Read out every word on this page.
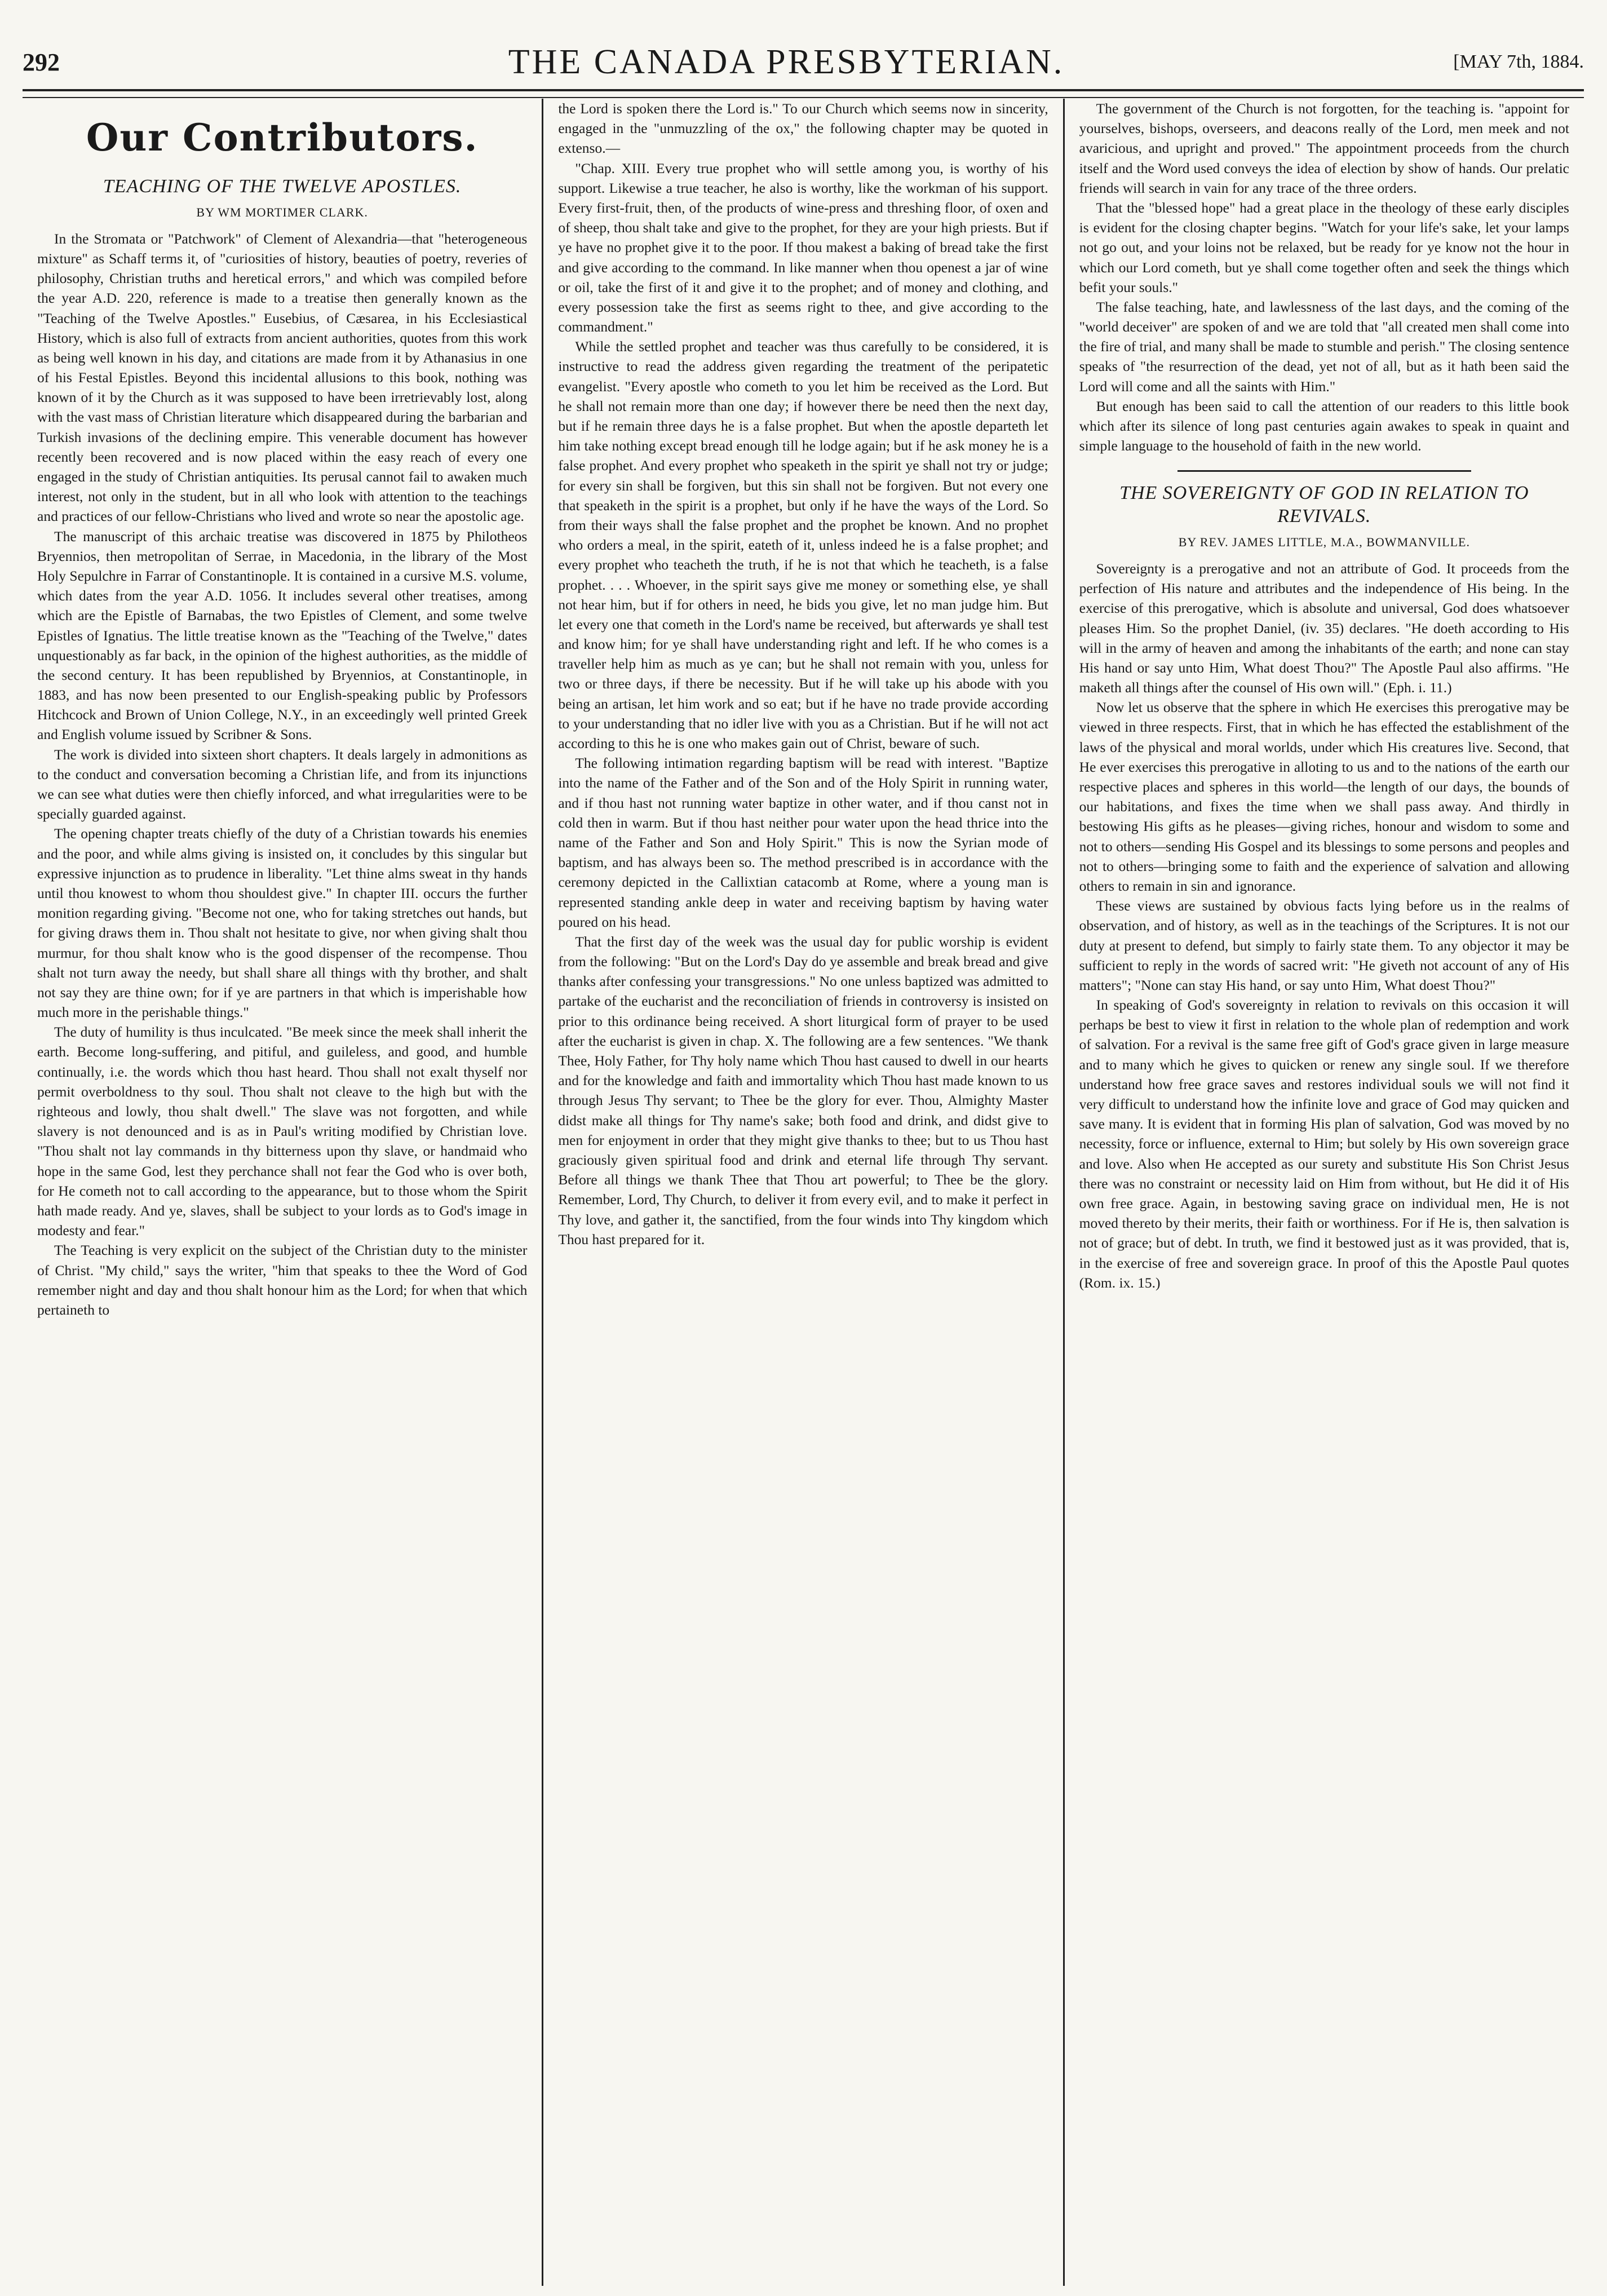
292	THE CANADA PRESBYTERIAN.	[MAY 7th, 1884.
Our Contributors.
TEACHING OF THE TWELVE APOSTLES.
BY WM MORTIMER CLARK.

In the Stromata or "Patchwork" of Clement of Alexandria—that "heterogeneous mixture" as Schaff terms it, of "curiosities of history, beauties of poetry, reveries of philosophy, Christian truths and heretical errors," and which was compiled before the year A.D. 220, reference is made to a treatise then generally known as the "Teaching of the Twelve Apostles." Eusebius, of Cæsarea, in his Ecclesiastical History, which is also full of extracts from ancient authorities, quotes from this work as being well known in his day, and citations are made from it by Athanasius in one of his Festal Epistles. Beyond this incidental allusions to this book, nothing was known of it by the Church as it was supposed to have been irretrievably lost, along with the vast mass of Christian literature which disappeared during the barbarian and Turkish invasions of the declining empire. This venerable document has however recently been recovered and is now placed within the easy reach of every one engaged in the study of Christian antiquities. Its perusal cannot fail to awaken much interest, not only in the student, but in all who look with attention to the teachings and practices of our fellow-Christians who lived and wrote so near the apostolic age.

The manuscript of this archaic treatise was discovered in 1875 by Philotheos Bryennios, then metropolitan of Serrae, in Macedonia, in the library of the Most Holy Sepulchre in Farrar of Constantinople. It is contained in a cursive M.S. volume, which dates from the year A.D. 1056. It includes several other treatises, among which are the Epistle of Barnabas, the two Epistles of Clement, and some twelve Epistles of Ignatius. The little treatise known as the "Teaching of the Twelve," dates unquestionably as far back, in the opinion of the highest authorities, as the middle of the second century. It has been republished by Bryennios, at Constantinople, in 1883, and has now been presented to our English-speaking public by Professors Hitchcock and Brown of Union College, N.Y., in an exceedingly well printed Greek and English volume issued by Scribner & Sons.

The work is divided into sixteen short chapters. It deals largely in admonitions as to the conduct and conversation becoming a Christian life, and from its injunctions we can see what duties were then chiefly inforced, and what irregularities were to be specially guarded against.

The opening chapter treats chiefly of the duty of a Christian towards his enemies and the poor, and while alms giving is insisted on, it concludes by this singular but expressive injunction as to prudence in liberality. "Let thine alms sweat in thy hands until thou knowest to whom thou shouldest give." In chapter III. occurs the further monition regarding giving. "Become not one, who for taking stretches out hands, but for giving draws them in. Thou shalt not hesitate to give, nor when giving shalt thou murmur, for thou shalt know who is the good dispenser of the recompense. Thou shalt not turn away the needy, but shall share all things with thy brother, and shalt not say they are thine own; for if ye are partners in that which is imperishable how much more in the perishable things."

The duty of humility is thus inculcated. "Be meek since the meek shall inherit the earth. Become long-suffering, and pitiful, and guileless, and good, and humble continually, i.e. the words which thou hast heard. Thou shall not exalt thyself nor permit overboldness to thy soul. Thou shalt not cleave to the high but with the righteous and lowly, thou shalt dwell." The slave was not forgotten, and while slavery is not denounced and is as in Paul's writing modified by Christian love. "Thou shalt not lay commands in thy bitterness upon thy slave, or handmaid who hope in the same God, lest they perchance shall not fear the God who is over both, for He cometh not to call according to the appearance, but to those whom the Spirit hath made ready. And ye, slaves, shall be subject to your lords as to God's image in modesty and fear."

The Teaching is very explicit on the subject of the Christian duty to the minister of Christ. "My child," says the writer, "him that speaks to thee the Word of God remember night and day and thou shalt honour him as the Lord; for when that which pertaineth to

the Lord is spoken there the Lord is." To our Church which seems now in sincerity, engaged in the "unmuzzling of the ox," the following chapter may be quoted in extenso.—

"Chap. XIII. Every true prophet who will settle among you, is worthy of his support. Likewise a true teacher, he also is worthy, like the workman of his support. Every first-fruit, then, of the products of wine-press and threshing floor, of oxen and of sheep, thou shalt take and give to the prophet, for they are your high priests. But if ye have no prophet give it to the poor. If thou makest a baking of bread take the first and give according to the command. In like manner when thou openest a jar of wine or oil, take the first of it and give it to the prophet; and of money and clothing, and every possession take the first as seems right to thee, and give according to the commandment."

While the settled prophet and teacher was thus carefully to be considered, it is instructive to read the address given regarding the treatment of the peripatetic evangelist. "Every apostle who cometh to you let him be received as the Lord. But he shall not remain more than one day; if however there be need then the next day, but if he remain three days he is a false prophet. But when the apostle departeth let him take nothing except bread enough till he lodge again; but if he ask money he is a false prophet. And every prophet who speaketh in the spirit ye shall not try or judge; for every sin shall be forgiven, but this sin shall not be forgiven. But not every one that speaketh in the spirit is a prophet, but only if he have the ways of the Lord. So from their ways shall the false prophet and the prophet be known. And no prophet who orders a meal, in the spirit, eateth of it, unless indeed he is a false prophet; and every prophet who teacheth the truth, if he is not that which he teacheth, is a false prophet. . . . Whoever, in the spirit says give me money or something else, ye shall not hear him, but if for others in need, he bids you give, let no man judge him. But let every one that cometh in the Lord's name be received, but afterwards ye shall test and know him; for ye shall have understanding right and left. If he who comes is a traveller help him as much as ye can; but he shall not remain with you, unless for two or three days, if there be necessity. But if he will take up his abode with you being an artisan, let him work and so eat; but if he have no trade provide according to your understanding that no idler live with you as a Christian. But if he will not act according to this he is one who makes gain out of Christ, beware of such.

The following intimation regarding baptism will be read with interest. "Baptize into the name of the Father and of the Son and of the Holy Spirit in running water, and if thou hast not running water baptize in other water, and if thou canst not in cold then in warm. But if thou hast neither pour water upon the head thrice into the name of the Father and Son and Holy Spirit." This is now the Syrian mode of baptism, and has always been so. The method prescribed is in accordance with the ceremony depicted in the Callixtian catacomb at Rome, where a young man is represented standing ankle deep in water and receiving baptism by having water poured on his head.

That the first day of the week was the usual day for public worship is evident from the following: "But on the Lord's Day do ye assemble and break bread and give thanks after confessing your transgressions." No one unless baptized was admitted to partake of the eucharist and the reconciliation of friends in controversy is insisted on prior to this ordinance being received. A short liturgical form of prayer to be used after the eucharist is given in chap. X. The following are a few sentences. "We thank Thee, Holy Father, for Thy holy name which Thou hast caused to dwell in our hearts and for the knowledge and faith and immortality which Thou hast made known to us through Jesus Thy servant; to Thee be the glory for ever. Thou, Almighty Master didst make all things for Thy name's sake; both food and drink, and didst give to men for enjoyment in order that they might give thanks to thee; but to us Thou hast graciously given spiritual food and drink and eternal life through Thy servant. Before all things we thank Thee that Thou art powerful; to Thee be the glory. Remember, Lord, Thy Church, to deliver it from every evil, and to make it perfect in Thy love, and gather it, the sanctified, from the four winds into Thy kingdom which Thou hast prepared for it.

The government of the Church is not forgotten, for the teaching is. "appoint for yourselves, bishops, overseers, and deacons really of the Lord, men meek and not avaricious, and upright and proved." The appointment proceeds from the church itself and the Word used conveys the idea of election by show of hands. Our prelatic friends will search in vain for any trace of the three orders.

That the "blessed hope" had a great place in the theology of these early disciples is evident for the closing chapter begins. "Watch for your life's sake, let your lamps not go out, and your loins not be relaxed, but be ready for ye know not the hour in which our Lord cometh, but ye shall come together often and seek the things which befit your souls."

The false teaching, hate, and lawlessness of the last days, and the coming of the "world deceiver" are spoken of and we are told that "all created men shall come into the fire of trial, and many shall be made to stumble and perish." The closing sentence speaks of "the resurrection of the dead, yet not of all, but as it hath been said the Lord will come and all the saints with Him."

But enough has been said to call the attention of our readers to this little book which after its silence of long past centuries again awakes to speak in quaint and simple language to the household of faith in the new world.

THE SOVEREIGNTY OF GOD IN RELATION TO REVIVALS.
BY REV. JAMES LITTLE, M.A., BOWMANVILLE.

Sovereignty is a prerogative and not an attribute of God. It proceeds from the perfection of His nature and attributes and the independence of His being. In the exercise of this prerogative, which is absolute and universal, God does whatsoever pleases Him. So the prophet Daniel, (iv. 35) declares. "He doeth according to His will in the army of heaven and among the inhabitants of the earth; and none can stay His hand or say unto Him, What doest Thou?" The Apostle Paul also affirms. "He maketh all things after the counsel of His own will." (Eph. i. 11.)

Now let us observe that the sphere in which He exercises this prerogative may be viewed in three respects. First, that in which he has effected the establishment of the laws of the physical and moral worlds, under which His creatures live. Second, that He ever exercises this prerogative in alloting to us and to the nations of the earth our respective places and spheres in this world—the length of our days, the bounds of our habitations, and fixes the time when we shall pass away. And thirdly in bestowing His gifts as he pleases—giving riches, honour and wisdom to some and not to others—sending His Gospel and its blessings to some persons and peoples and not to others—bringing some to faith and the experience of salvation and allowing others to remain in sin and ignorance.

These views are sustained by obvious facts lying before us in the realms of observation, and of history, as well as in the teachings of the Scriptures. It is not our duty at present to defend, but simply to fairly state them. To any objector it may be sufficient to reply in the words of sacred writ: "He giveth not account of any of His matters"; "None can stay His hand, or say unto Him, What doest Thou?"

In speaking of God's sovereignty in relation to revivals on this occasion it will perhaps be best to view it first in relation to the whole plan of redemption and work of salvation. For a revival is the same free gift of God's grace given in large measure and to many which he gives to quicken or renew any single soul. If we therefore understand how free grace saves and restores individual souls we will not find it very difficult to understand how the infinite love and grace of God may quicken and save many. It is evident that in forming His plan of salvation, God was moved by no necessity, force or influence, external to Him; but solely by His own sovereign grace and love. Also when He accepted as our surety and substitute His Son Christ Jesus there was no constraint or necessity laid on Him from without, but He did it of His own free grace. Again, in bestowing saving grace on individual men, He is not moved thereto by their merits, their faith or worthiness. For if He is, then salvation is not of grace; but of debt. In truth, we find it bestowed just as it was provided, that is, in the exercise of free and sovereign grace. In proof of this the Apostle Paul quotes (Rom. ix. 15.)
